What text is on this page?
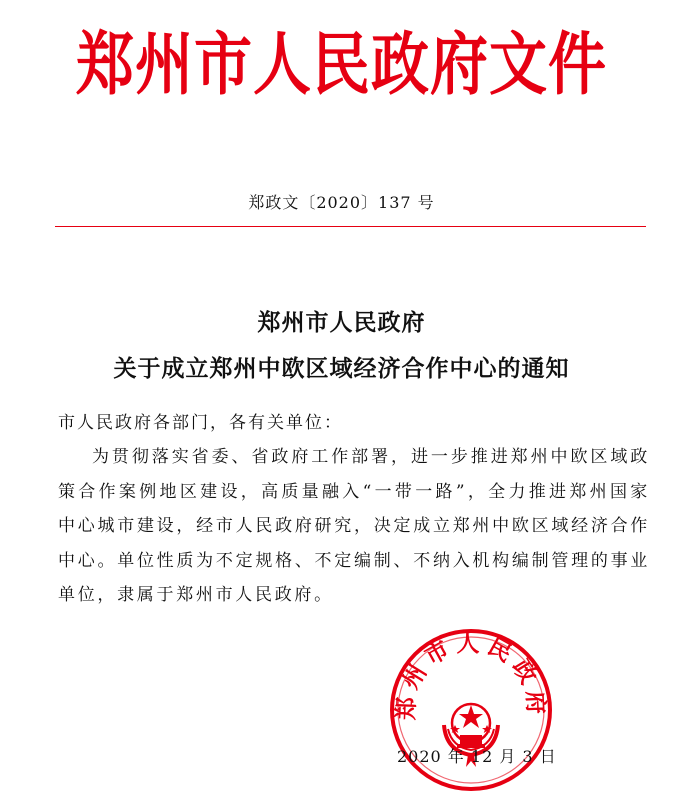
郑州市人民政府文件
郑政文〔2020〕137 号
郑州市人民政府
关于成立郑州中欧区域经济合作中心的通知
市人民政府各部门，各有关单位：
为贯彻落实省委、省政府工作部署，进一步推进郑州中欧区域政策合作案例地区建设，高质量融入“一带一路”，全力推进郑州国家中心城市建设，经市人民政府研究，决定成立郑州中欧区域经济合作中心。单位性质为不定规格、不定编制、不纳入机构编制管理的事业单位，隶属于郑州市人民政府。
郑州市人民政府
2020 年 12 月 3 日
